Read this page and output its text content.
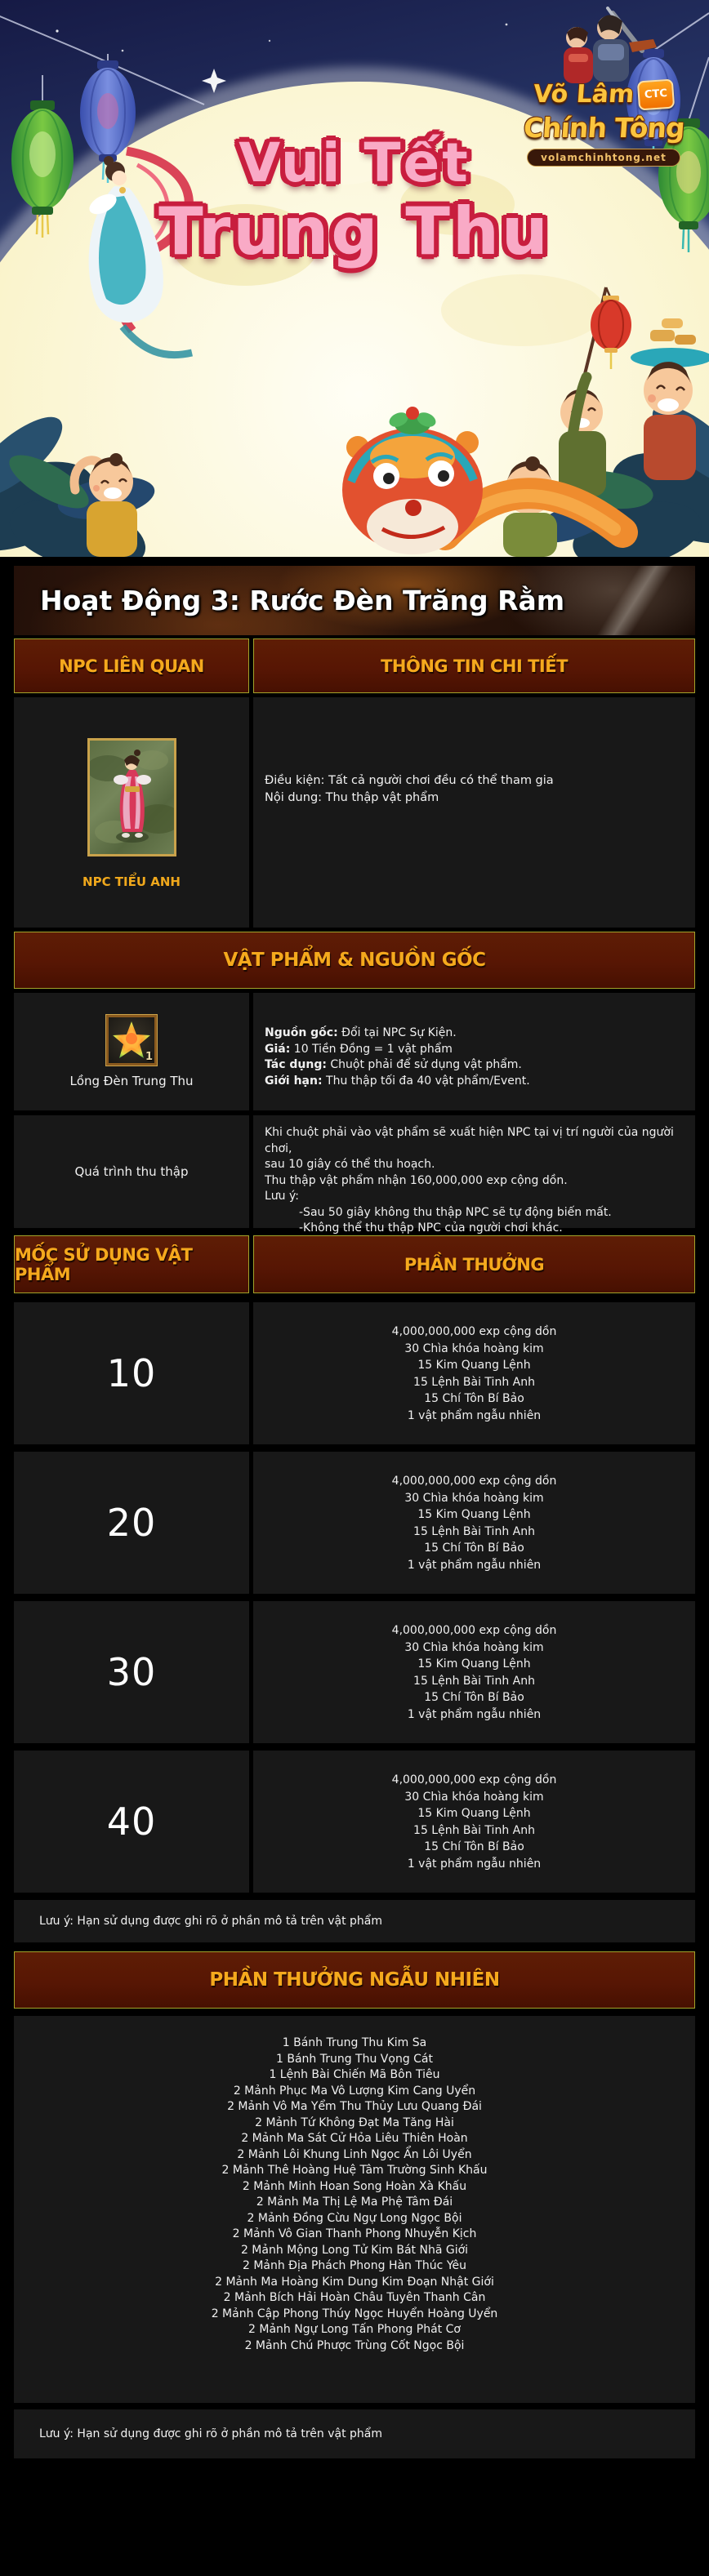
Vui Tết
Trung Thu
Võ Lâm CTC
Chính Tông
volamchinhtong.net
Hoạt Động 3: Rước Đèn Trăng Rằm
NPC LIÊN QUAN	THÔNG TIN CHI TIẾT
NPC TIỂU ANH
Điều kiện: Tất cả người chơi đều có thể tham gia
Nội dung: Thu thập vật phẩm
VẬT PHẨM & NGUỒN GỐC
1
Lồng Đèn Trung Thu
Nguồn gốc: Đổi tại NPC Sự Kiện.
Giá: 10 Tiền Đồng = 1 vật phẩm
Tác dụng: Chuột phải để sử dụng vật phẩm.
Giới hạn: Thu thập tối đa 40 vật phẩm/Event.
Quá trình thu thập
Khi chuột phải vào vật phẩm sẽ xuất hiện NPC tại vị trí người của người chơi,
sau 10 giây có thể thu hoạch.
Thu thập vật phẩm nhận 160,000,000 exp cộng dồn.
Lưu ý:
-Sau 50 giây không thu thập NPC sẽ tự động biến mất.
-Không thể thu thập NPC của người chơi khác.
MỐC SỬ DỤNG VẬT PHẨM	PHẦN THƯỞNG
10
4,000,000,000 exp cộng dồn
30 Chìa khóa hoàng kim
15 Kim Quang Lệnh
15 Lệnh Bài Tinh Anh
15 Chí Tôn Bí Bảo
1 vật phẩm ngẫu nhiên
20
4,000,000,000 exp cộng dồn
30 Chìa khóa hoàng kim
15 Kim Quang Lệnh
15 Lệnh Bài Tinh Anh
15 Chí Tôn Bí Bảo
1 vật phẩm ngẫu nhiên
30
4,000,000,000 exp cộng dồn
30 Chìa khóa hoàng kim
15 Kim Quang Lệnh
15 Lệnh Bài Tinh Anh
15 Chí Tôn Bí Bảo
1 vật phẩm ngẫu nhiên
40
4,000,000,000 exp cộng dồn
30 Chìa khóa hoàng kim
15 Kim Quang Lệnh
15 Lệnh Bài Tinh Anh
15 Chí Tôn Bí Bảo
1 vật phẩm ngẫu nhiên
Lưu ý: Hạn sử dụng được ghi rõ ở phần mô tả trên vật phẩm
PHẦN THƯỞNG NGẪU NHIÊN
1 Bánh Trung Thu Kim Sa
1 Bánh Trung Thu Vọng Cát
1 Lệnh Bài Chiến Mã Bôn Tiêu
2 Mảnh Phục Ma Vô Lượng Kim Cang Uyển
2 Mảnh Vô Ma Yểm Thu Thủy Lưu Quang Đái
2 Mảnh Tứ Không Đạt Ma Tăng Hài
2 Mảnh Ma Sát Cử Hỏa Liêu Thiên Hoàn
2 Mảnh Lôi Khung Linh Ngọc Ẩn Lôi Uyển
2 Mảnh Thê Hoàng Huệ Tâm Trường Sinh Khấu
2 Mảnh Minh Hoan Song Hoàn Xà Khấu
2 Mảnh Ma Thị Lệ Ma Phệ Tâm Đái
2 Mảnh Đồng Cừu Ngự Long Ngọc Bội
2 Mảnh Vô Gian Thanh Phong Nhuyễn Kịch
2 Mảnh Mộng Long Tử Kim Bát Nhã Giới
2 Mảnh Địa Phách Phong Hàn Thúc Yêu
2 Mảnh Ma Hoàng Kim Dung Kim Đoạn Nhật Giới
2 Mảnh Bích Hải Hoàn Châu Tuyên Thanh Cân
2 Mảnh Cập Phong Thúy Ngọc Huyển Hoàng Uyển
2 Mảnh Ngự Long Tấn Phong Phát Cơ
2 Mảnh Chú Phược Trùng Cốt Ngọc Bội
Lưu ý: Hạn sử dụng được ghi rõ ở phần mô tả trên vật phẩm
